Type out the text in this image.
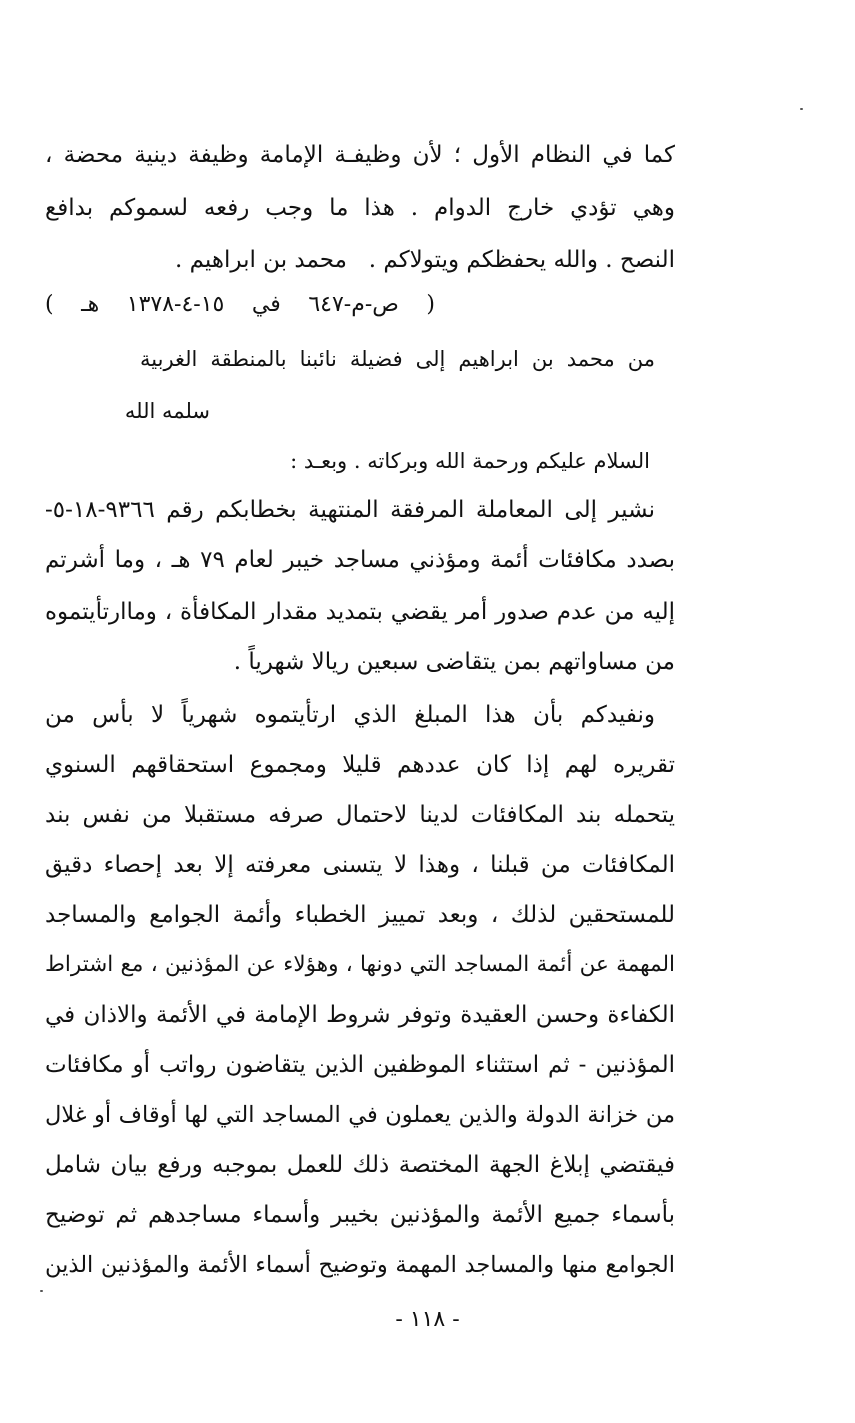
كما في النظام الأول ؛ لأن وظيفـة الإمامة وظيفة دينية محضة ،
وهي تؤدي خارج الدوام . هذا ما وجب رفعه لسموكم بدافع
النصح . والله يحفظكم ويتولاكم .
محمد بن ابراهيم .
( ص-م-٦٤٧ في ١٥-٤-١٣٧٨ هـ )
من محمد بن ابراهيم إلى فضيلة نائبنا بالمنطقة الغربية
سلمه الله
السلام عليكم ورحمة الله وبركاته . وبعـد :
نشير إلى المعاملة المرفقة المنتهية بخطابكم رقم ٩٣٦٦-١٨-٥-
بصدد مكافئات أئمة ومؤذني مساجد خيبر لعام ٧٩ هـ ، وما أشرتم
إليه من عدم صدور أمر يقضي بتمديد مقدار المكافأة ، وماارتأيتموه
من مساواتهم بمن يتقاضى سبعين ريالا شهرياً .
ونفيدكم بأن هذا المبلغ الذي ارتأيتموه شهرياً لا بأس من
تقريره لهم إذا كان عددهم قليلا ومجموع استحقاقهم السنوي
يتحمله بند المكافئات لدينا لاحتمال صرفه مستقبلا من نفس بند
المكافئات من قبلنا ، وهذا لا يتسنى معرفته إلا بعد إحصاء دقيق
للمستحقين لذلك ، وبعد تمييز الخطباء وأئمة الجوامع والمساجد
المهمة عن أئمة المساجد التي دونها ، وهؤلاء عن المؤذنين ، مع اشتراط
الكفاءة وحسن العقيدة وتوفر شروط الإمامة في الأئمة والاذان في
المؤذنين - ثم استثناء الموظفين الذين يتقاضون رواتب أو مكافئات
من خزانة الدولة والذين يعملون في المساجد التي لها أوقاف أو غلال
فيقتضي إبلاغ الجهة المختصة ذلك للعمل بموجبه ورفع بيان شامل
بأسماء جميع الأئمة والمؤذنين بخيبر وأسماء مساجدهم ثم توضيح
الجوامع منها والمساجد المهمة وتوضيح أسماء الأئمة والمؤذنين الذين
- ١١٨ -
